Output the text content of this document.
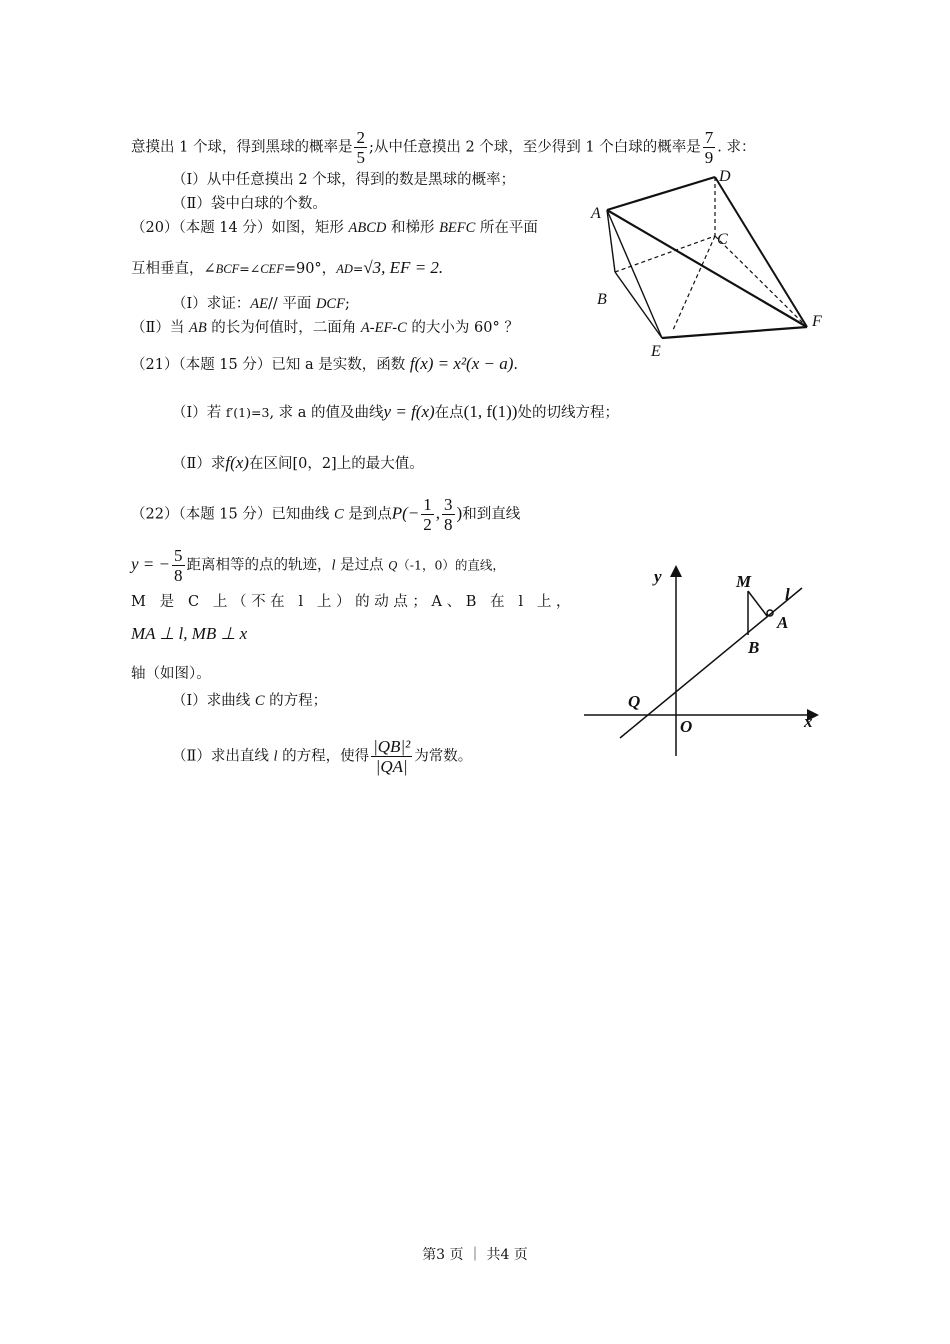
意摸出 1 个球，得到黑球的概率是 $\frac{2}{5}$ ;从中任意摸出 2 个球，至少得到 1 个白球的概率是 $\frac{7}{9}$ . 求：
（Ⅰ）从中任意摸出 2 个球，得到的数是黑球的概率；
（Ⅱ）袋中白球的个数。
（20）（本题 14 分）如图，矩形 ABCD 和梯形 BEFC 所在平面
互相垂直，∠BCF=∠CEF=90°，AD=√3, EF = 2.
（Ⅰ）求证：AE// 平面 DCF;
（Ⅱ）当 AB 的长为何值时，二面角 A-EF-C 的大小为 60° ？
A
D
C
B
F
E
（21）（本题 15 分）已知 a 是实数，函数 f(x) = x²(x − a).
（Ⅰ）若 f′(1)=3, 求 a 的值及曲线y = f(x)在点(1, f(1))处的切线方程；
（Ⅱ）求f(x)在区间[0，2]上的最大值。
（22）（本题 15 分）已知曲线 C 是到点$P(- \frac{1}{2}$ , $\frac{3}{8}$ )和到直线
y = − $\frac{5}{8}$ 距离相等的点的轨迹，l 是过点 Q（-1，0）的直线，
M 是 C 上（不在 l 上）的动点；A、B 在 l 上，
MA ⊥ l, MB ⊥ x
轴（如图）。
（Ⅰ）求曲线 C 的方程；
（Ⅱ）求出直线 l 的方程，使得 $\frac{\text{|QB|²}}{|QA|}$ 为常数。
y
x
M
l
A
B
Q
O
第3 页 ｜ 共4 页
